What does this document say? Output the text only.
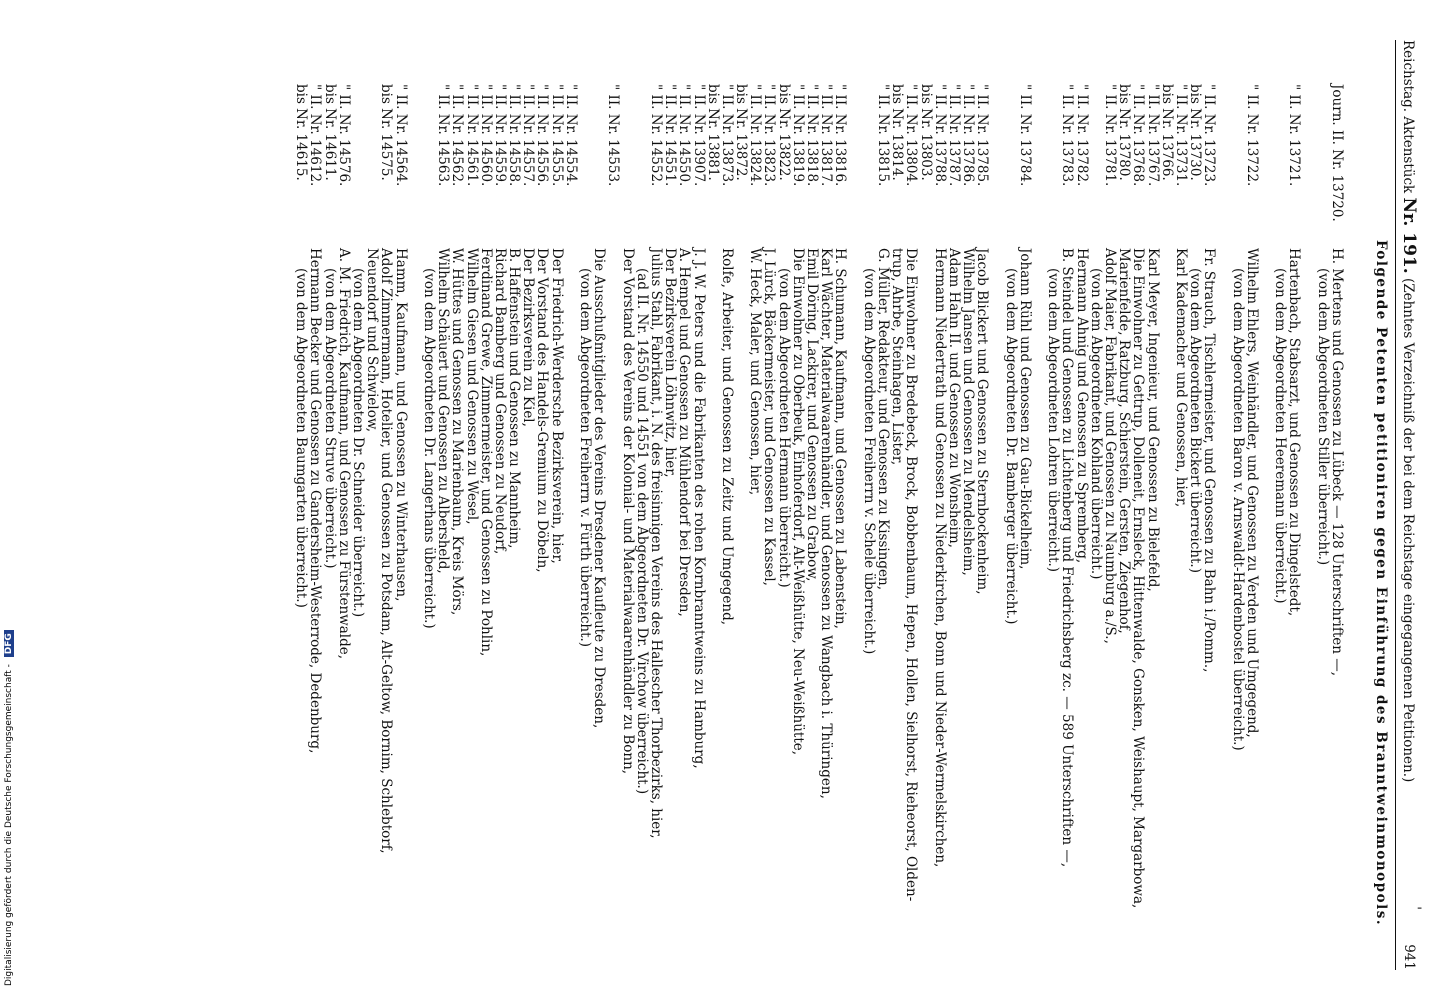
Reichstag. Aktenstück Nr. 191. (Zehntes Verzeichniß der bei dem Reichstage eingegangenen Petitionen.)
'
941
Folgende Petenten petitioniren gegen Einführung des Branntweinmonopols.
Journ. II. Nr. 13720.
" II. Nr. 13721.
" II. Nr. 13722.
" II. Nr. 13723.
bis Nr. 13730.
" II. Nr. 13731.
bis Nr. 13766.
" II. Nr. 13767.
" II. Nr. 13768.
bis Nr. 13780.
" II. Nr. 13781.
" II. Nr. 13782.
" II. Nr. 13783.
" II. Nr. 13784.
" II. Nr. 13785.
" II. Nr. 13786.
" II. Nr. 13787.
" II. Nr. 13788.
bis Nr. 13803.
" II. Nr. 13804.
bis Nr. 13814.
" II. Nr. 13815.
" II. Nr. 13816.
" II. Nr. 13817.
" II. Nr. 13818.
" II. Nr. 13819.
bis Nr. 13822.
" II. Nr. 13823.
" II. Nr. 13824.
bis Nr. 13872.
" II. Nr. 13873.
bis Nr. 13881.
" II. Nr. 13907.
" II. Nr. 14550.
" II. Nr. 14551.
" II. Nr. 14552.
" II. Nr. 14553.
" II. Nr. 14554.
" II. Nr. 14555.
" II. Nr. 14556.
" II. Nr. 14557.
" II. Nr. 14558.
" II. Nr. 14559.
" II. Nr. 14560.
" II. Nr. 14561.
" II. Nr. 14562.
" II. Nr. 14563.
" II. Nr. 14564.
bis Nr. 14575.
" II. Nr. 14576.
bis Nr. 14611.
" II. Nr. 14612.
bis Nr. 14615.
H. Mertens und Genossen zu Lübeck — 128 Unterschriften —,
(von dem Abgeordneten Stiller überreicht.)
Hartenbach, Stabsarzt, und Genossen zu Dingelstedt,
(von dem Abgeordneten Heeremann überreicht.)
Wilhelm Ehlers, Weinhändler, und Genossen zu Verden und Umgegend,
(von dem Abgeordneten Baron v. Arnswaldt-Hardenbostel überreicht.)
Fr. Strauch, Tischlermeister, und Genossen zu Bahn i./Pomm.,
(von dem Abgeordneten Bickert überreicht.)
Karl Kademacher und Genossen, hier,
Karl Meyer, Ingenieur, und Genossen zu Bielefeld,
Die Einwohner zu Gettrup, Dolleneit, Ernsleck, Hittenwalde, Gonsken, Weishaupt, Margarbowa,
Marienfelde, Ratzburg, Schierstein, Gersten, Ziegenhof,
Adolf Maier, Fabrikant, und Genossen zu Naumburg a./S.,
(von dem Abgeordneten Kohland überreicht.)
Hermann Ahnig und Genossen zu Spremberg,
B. Steindel und Genossen zu Lichtenberg und Friedrichsberg zc. — 589 Unterschriften —,
(von dem Abgeordneten Lohren überreicht.)
Johann Rühl und Genossen zu Gau-Bickelheim,
(von dem Abgeordneten Dr. Bamberger überreicht.)
Jacob Blickert und Genossen zu Sternbockenheim,
Wilhelm Jansen und Genossen zu Mendelsheim,
Adam Hahn II. und Genossen zu Wonsheim,
Hermann Niedertrath und Genossen zu Niederkirchen, Bonn und Nieder-Wermelskirchen,
Die Einwohner zu Bredebeck, Brock, Bobbenbaum, Hepen, Hollen, Sielhorst, Rieheorst, Olden-
trup, Ahrbe, Steinhagen, Lister,
G. Müller, Redakteur, und Genossen zu Kissingen,
(von dem Abgeordneten Freiherrn v. Schele überreicht.)
H. Schumann, Kaufmann, und Genossen zu Labenstein,
Karl Wächter, Materialwaarenhändler, und Genossen zu Wangbach i. Thüringen,
Emil Döring, Lackirer, und Genossen zu Grabow,
Die Einwohner zu Oberbeuk, Einhoferdorf, Alt-Weißhütte, Neu-Weißhütte,
(von dem Abgeordneten Hermann überreicht.)
J. Lürck, Bäckermeister, und Genossen zu Kassel,
W. Heck, Maler, und Genossen, hier,
Rolfe, Arbeiter, und Genossen zu Zeitz und Umgegend,
J. J. W. Peters und die Fabrikanten des rohen Kornbranntweins zu Hamburg,
A. Hempel und Genossen zu Mühlendorf bei Dresden,
Der Bezirksverein Löhnwitz, hier,
Julius Stahl, Fabrikant, i. N. des freisinnigen Vereins des Hallescher Thorbezirks, hier,
(ad II. Nr. 14550 und 14551 von dem Abgeordneten Dr. Virchow überreicht.)
Der Vorstand des Vereins der Kolonial- und Materialwaarenhändler zu Bonn,
Die Ausschußmitglieder des Vereins Dresdener Kaufleute zu Dresden,
(von dem Abgeordneten Freiherrn v. Fürth überreicht.)
Der Friedrich-Werdersche Bezirksverein, hier,
Der Vorstand des Handels-Gremium zu Döbeln,
Der Bezirksverein zu Kiel,
B. Haffenstein und Genossen zu Mannheim,
Richard Bamberg und Genossen zu Neudorf,
Ferdinand Grewe, Zimmermeister, und Genossen zu Pohlin,
Wilhelm Giesen und Genossen zu Wesel,
W. Hüttes und Genossen zu Marienbaum, Kreis Mörs,
Wilhelm Schäuert und Genossen zu Albersheld,
(von dem Abgeordneten Dr. Langerhans überreicht.)
Hamm, Kaufmann, und Genossen zu Winterhausen,
Adolf Zimmermann, Hotelier, und Genossen zu Potsdam, Alt-Geltow, Bornim, Schlebtorf,
Neuendorf und Schwielow,
(von dem Abgeordneten Dr. Schneider überreicht.)
A. M. Friedrich, Kaufmann, und Genossen zu Fürstenwalde,
(von dem Abgeordneten Struve überreicht.)
Hermann Becker und Genossen zu Gandersheim-Westerrode, Dedenburg,
(von dem Abgeordneten Baumgarten überreicht.)
Digitalisierung gefördert durch die Deutsche Forschungsgemeinschaft - DFG
